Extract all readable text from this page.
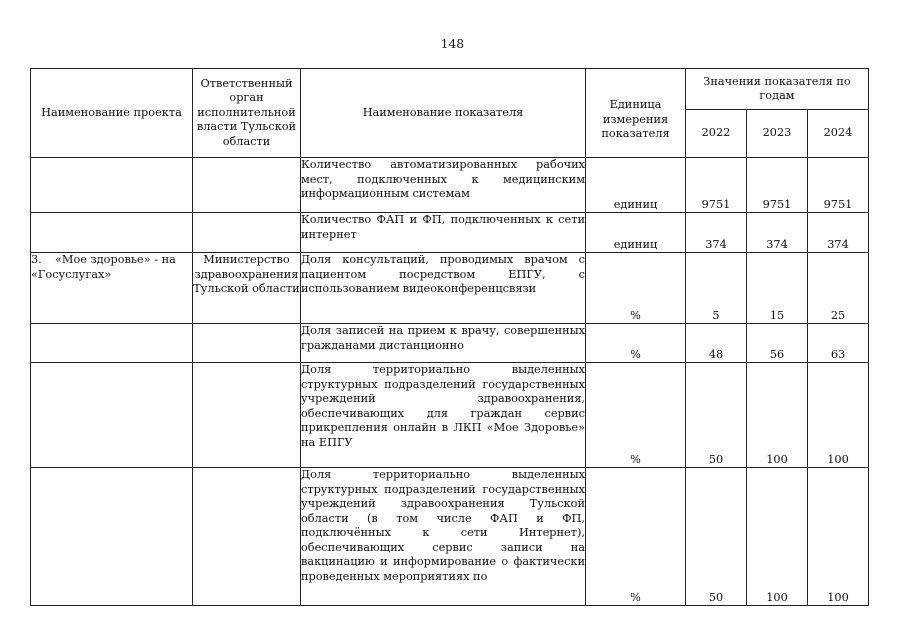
148
Наименование проекта	Ответственный орган исполнительной власти Тульской области	Наименование показателя	Единица измерения показателя	Значения показателя по годам		
				2022	2023	2024
		Количество автоматизированных рабочих мест, подключенных к медицинским информационным системам	единиц	9751	9751	9751
		Количество ФАП и ФП, подключенных к сети интернет	единиц	374	374	374
3. «Мое здоровье» - на «Госуслугах»	Министерство здравоохранения Тульской области	Доля консультаций, проводимых врачом с пациентом посредством ЕПГУ, с использованием видеоконференцсвязи	%	5	15	25
		Доля записей на прием к врачу, совершенных гражданами дистанционно	%	48	56	63
		Доля территориально выделенных структурных подразделений государственных учреждений здравоохранения, обеспечивающих для граждан сервис прикрепления онлайн в ЛКП «Мое Здоровье» на ЕПГУ	%	50	100	100
		Доля территориально выделенных структурных подразделений государственных учреждений здравоохранения Тульской области (в том числе ФАП и ФП, подключённых к сети Интернет), обеспечивающих сервис записи на вакцинацию и информирование о фактически проведенных мероприятиях по	%	50	100	100
